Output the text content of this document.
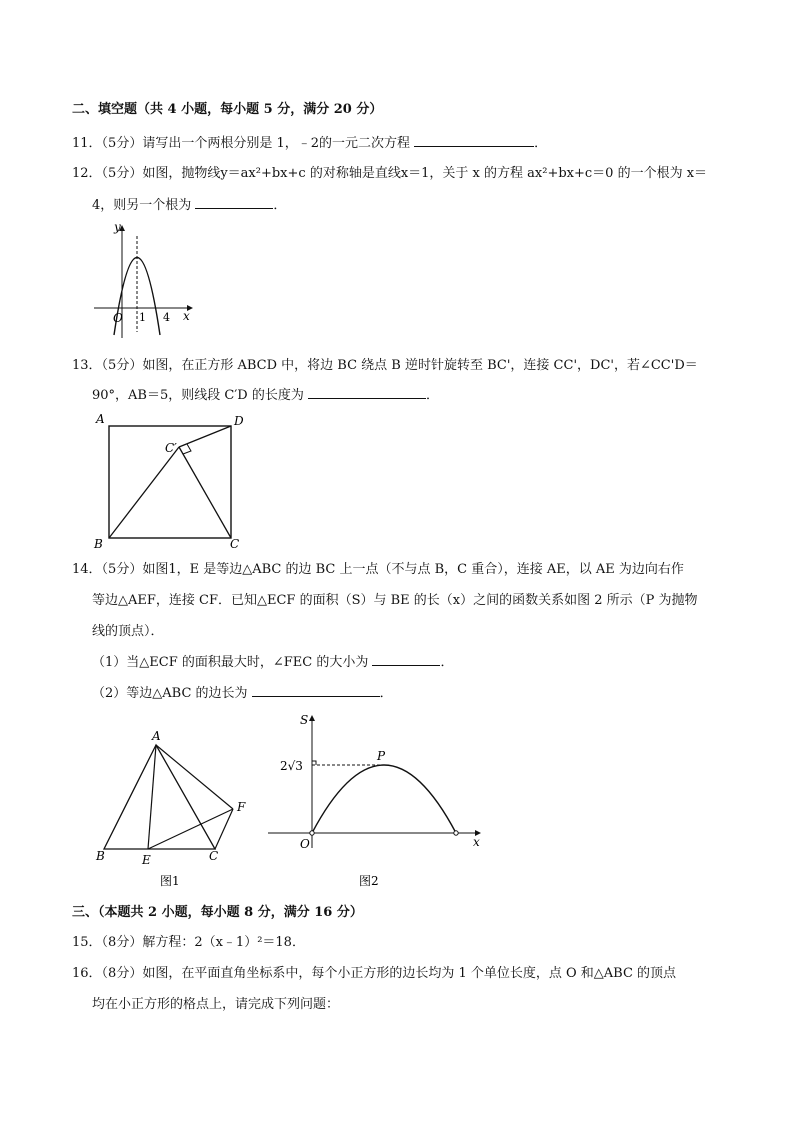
二、填空题（共 4 小题，每小题 5 分，满分 20 分）
11．（5分）请写出一个两根分别是 1，﹣2的一元二次方程	．
12．（5分）如图，抛物线y＝ax²+bx+c 的对称轴是直线x＝1，关于 x 的方程 ax²+bx+c＝0 的一个根为 x＝
4，则另一个根为	．
y
x
O 1 4
13．（5分）如图，在正方形 ABCD 中，将边 BC 绕点 B 逆时针旋转至 BC'，连接 CC'，DC'，若∠CC'D＝
90°，AB＝5，则线段 C′D 的长度为	．
A	D
B	C
C′
14．（5分）如图1，E 是等边△ABC 的边 BC 上一点（不与点 B，C 重合），连接 AE，以 AE 为边向右作
等边△AEF，连接 CF．已知△ECF 的面积（S）与 BE 的长（x）之间的函数关系如图 2 所示（P 为抛物
线的顶点）．
（1）当△ECF 的面积最大时，∠FEC 的大小为	．
（2）等边△ABC 的边长为	．
A
B	E	C
F
图1
S
x
O
P
2√3
图2
三、（本题共 2 小题，每小题 8 分，满分 16 分）
15．（8分）解方程：2（x﹣1）²＝18．
16．（8分）如图，在平面直角坐标系中，每个小正方形的边长均为 1 个单位长度，点 O 和△ABC 的顶点
均在小正方形的格点上，请完成下列问题：
